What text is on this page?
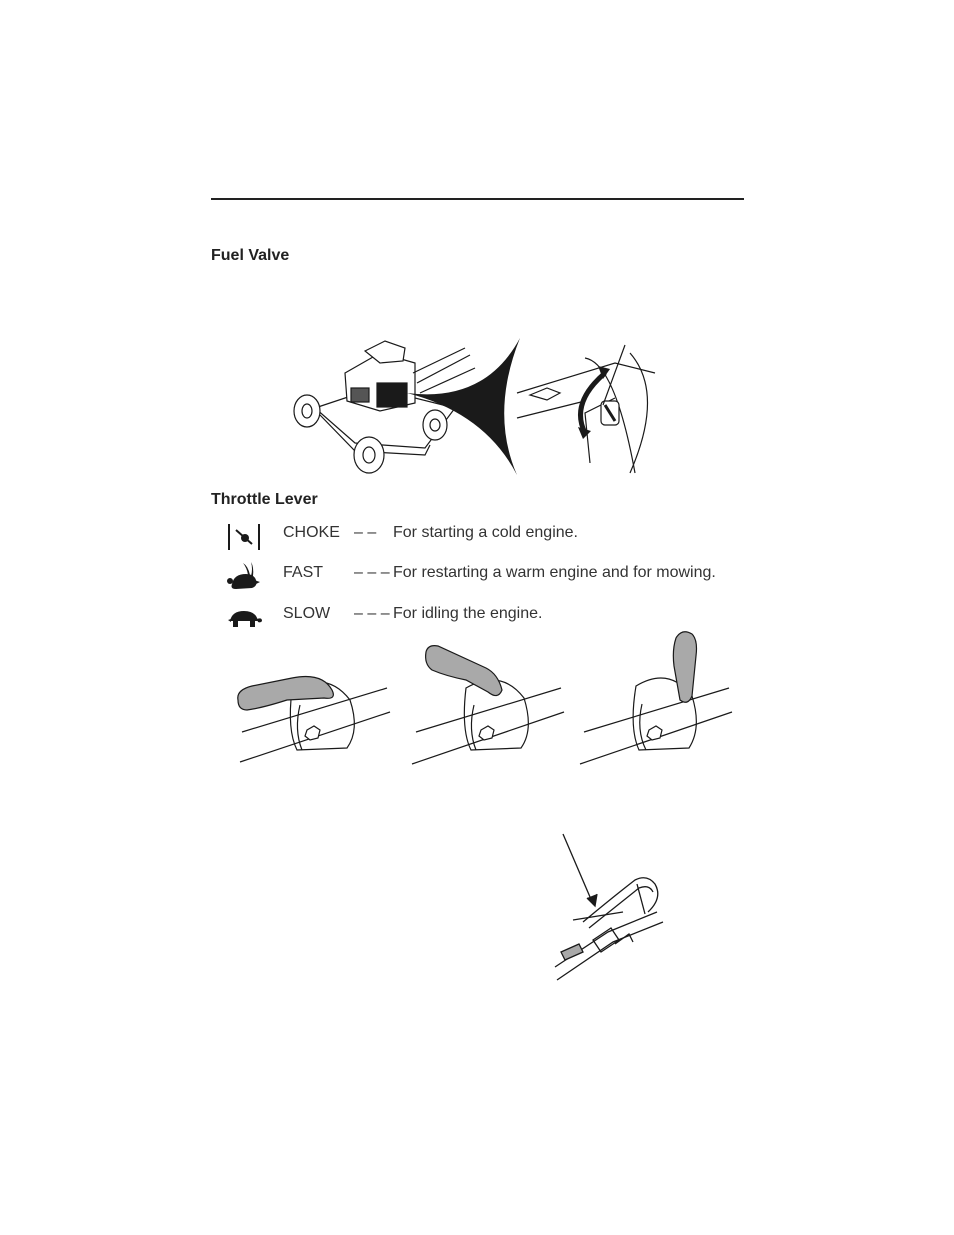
Fuel Valve
Throttle Lever
CHOKE – – For starting a cold engine.
FAST – – – For restarting a warm engine and for mowing.
SLOW – – – For idling the engine.
